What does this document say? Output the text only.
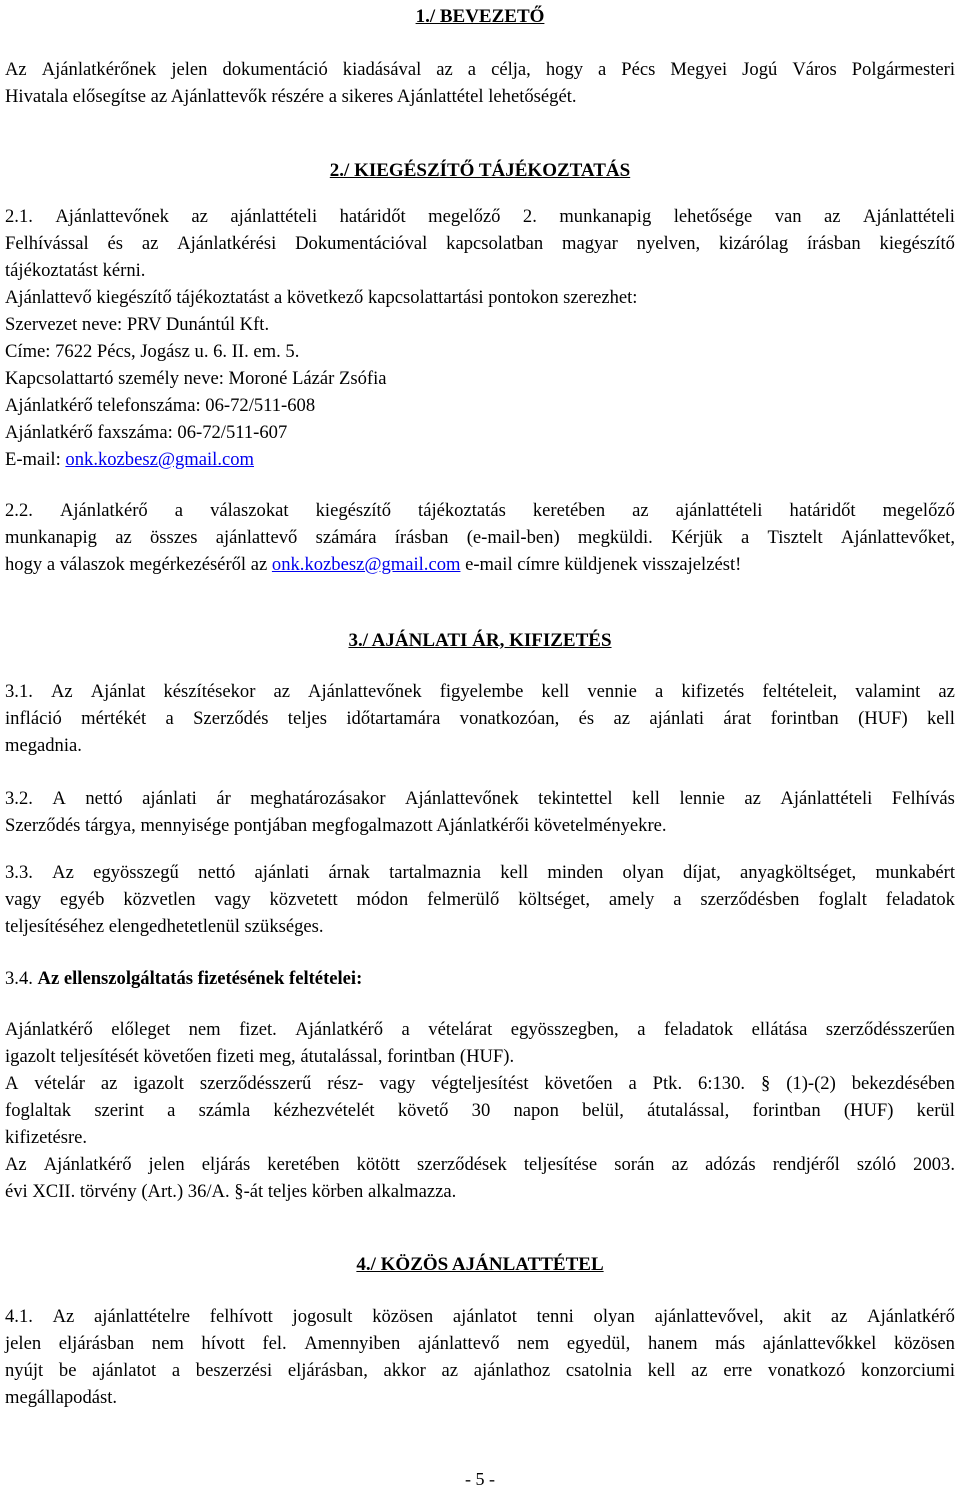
1./ BEVEZETŐ
Az Ajánlatkérőnek jelen dokumentáció kiadásával az a célja, hogy a Pécs Megyei Jogú Város Polgármesteri
Hivatala elősegítse az Ajánlattevők részére a sikeres Ajánlattétel lehetőségét.
2./ KIEGÉSZÍTŐ TÁJÉKOZTATÁS
2.1. Ajánlattevőnek az ajánlattételi határidőt megelőző 2. munkanapig lehetősége van az Ajánlattételi
Felhívással és az Ajánlatkérési Dokumentációval kapcsolatban magyar nyelven, kizárólag írásban kiegészítő
tájékoztatást kérni.
Ajánlattevő kiegészítő tájékoztatást a következő kapcsolattartási pontokon szerezhet:
Szervezet neve: PRV Dunántúl Kft.
Címe: 7622 Pécs, Jogász u. 6. II. em. 5.
Kapcsolattartó személy neve: Moroné Lázár Zsófia
Ajánlatkérő telefonszáma: 06-72/511-608
Ajánlatkérő faxszáma: 06-72/511-607
E-mail: onk.kozbesz@gmail.com
2.2. Ajánlatkérő a válaszokat kiegészítő tájékoztatás keretében az ajánlattételi határidőt megelőző
munkanapig az összes ajánlattevő számára írásban (e-mail-ben) megküldi. Kérjük a Tisztelt Ajánlattevőket,
hogy a válaszok megérkezéséről az onk.kozbesz@gmail.com e-mail címre küldjenek visszajelzést!
3./ AJÁNLATI ÁR, KIFIZETÉS
3.1. Az Ajánlat készítésekor az Ajánlattevőnek figyelembe kell vennie a kifizetés feltételeit, valamint az
infláció mértékét a Szerződés teljes időtartamára vonatkozóan, és az ajánlati árat forintban (HUF) kell
megadnia.
3.2. A nettó ajánlati ár meghatározásakor Ajánlattevőnek tekintettel kell lennie az Ajánlattételi Felhívás
Szerződés tárgya, mennyisége pontjában megfogalmazott Ajánlatkérői követelményekre.
3.3. Az egyösszegű nettó ajánlati árnak tartalmaznia kell minden olyan díjat, anyagköltséget, munkabért
vagy egyéb közvetlen vagy közvetett módon felmerülő költséget, amely a szerződésben foglalt feladatok
teljesítéséhez elengedhetetlenül szükséges.
3.4. Az ellenszolgáltatás fizetésének feltételei:
Ajánlatkérő előleget nem fizet. Ajánlatkérő a vételárat egyösszegben, a feladatok ellátása szerződésszerűen
igazolt teljesítését követően fizeti meg, átutalással, forintban (HUF).
A vételár az igazolt szerződésszerű rész- vagy végteljesítést követően a Ptk. 6:130. § (1)-(2) bekezdésében
foglaltak szerint a számla kézhezvételét követő 30 napon belül, átutalással, forintban (HUF) kerül
kifizetésre.
Az Ajánlatkérő jelen eljárás keretében kötött szerződések teljesítése során az adózás rendjéről szóló 2003.
évi XCII. törvény (Art.) 36/A. §-át teljes körben alkalmazza.
4./ KÖZÖS AJÁNLATTÉTEL
4.1. Az ajánlattételre felhívott jogosult közösen ajánlatot tenni olyan ajánlattevővel, akit az Ajánlatkérő
jelen eljárásban nem hívott fel. Amennyiben ajánlattevő nem egyedül, hanem más ajánlattevőkkel közösen
nyújt be ajánlatot a beszerzési eljárásban, akkor az ajánlathoz csatolnia kell az erre vonatkozó konzorciumi
megállapodást.
- 5 -
